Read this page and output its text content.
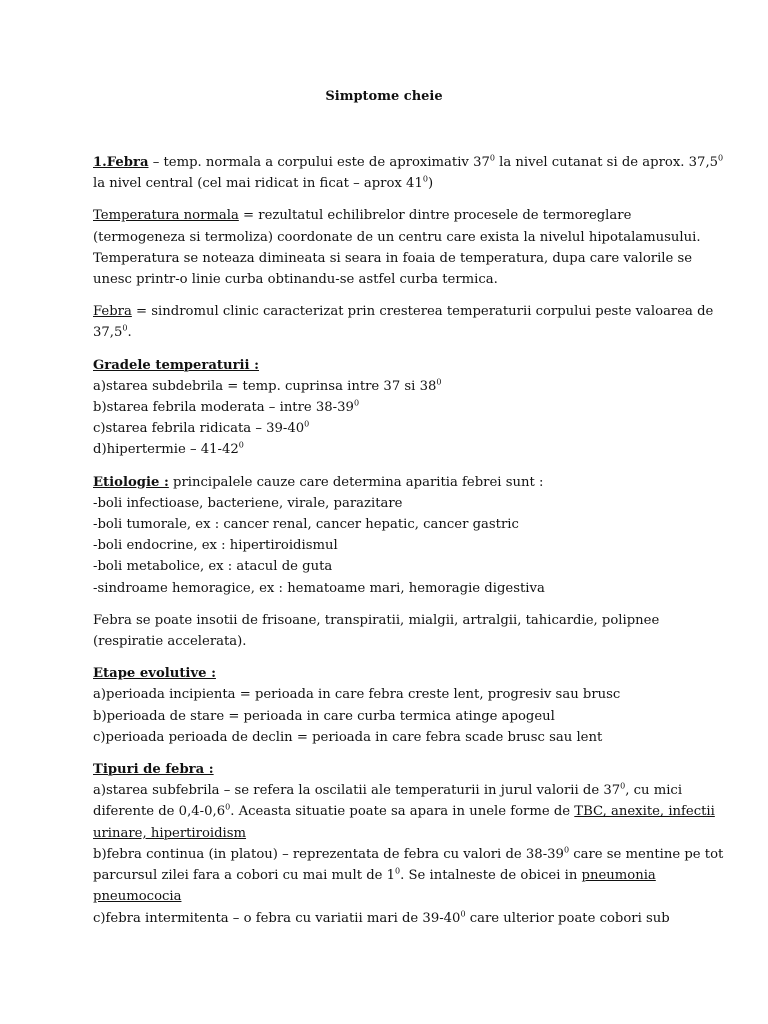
Simptome cheie

1.Febra – temp. normala a corpului este de aproximativ $37^0$ la nivel cutanat si de aprox. 37,5$^0$
la nivel central (cel mai ridicat in ficat – aprox $41^0$)

Temperatura normala = rezultatul echilibrelor dintre procesele de termoreglare
(termogeneza si termoliza) coordonate de un centru care exista la nivelul hipotalamusului.
Temperatura se noteaza dimineata si seara in foaia de temperatura, dupa care valorile se
unesc printr-o linie curba obtinandu-se astfel curba termica.

Febra = sindromul clinic caracterizat prin cresterea temperaturii corpului peste valoarea de
37,5$^0$.

Gradele temperaturii :
a)starea subdebrila = temp. cuprinsa intre 37 si $38^0$
b)starea febrila moderata – intre $38-39^0$
c)starea febrila ridicata – $39-40^0$
d)hipertermie – $41-42^0$

Etiologie : principalele cauze care determina aparitia febrei sunt :
-boli infectioase, bacteriene, virale, parazitare
-boli tumorale, ex : cancer renal, cancer hepatic, cancer gastric
-boli endocrine, ex : hipertiroidismul
-boli metabolice, ex : atacul de guta
-sindroame hemoragice, ex : hematoame mari, hemoragie digestiva

Febra se poate insotii de frisoane, transpiratii, mialgii, artralgii, tahicardie, polipnee
(respiratie accelerata).

Etape evolutive :
a)perioada incipienta = perioada in care febra creste lent, progresiv sau brusc
b)perioada de stare = perioada in care curba termica atinge apogeul
c)perioada perioada de declin = perioada in care febra scade brusc sau lent

Tipuri de febra :
a)starea subfebrila – se refera la oscilatii ale temperaturii in jurul valorii de $37^0$, cu mici
diferente de $0,4-0,6^0$. Aceasta situatie poate sa apara in unele forme de TBC, anexite, infectii
urinare, hipertiroidism
b)febra continua (in platou) – reprezentata de febra cu valori de $38-39^0$ care se mentine pe tot
parcursul zilei fara a cobori cu mai mult de $1^0$. Se intalneste de obicei in pneumonia
pneumococia
c)febra intermitenta – o febra cu variatii mari de $39-40^0$ care ulterior poate cobori sub
